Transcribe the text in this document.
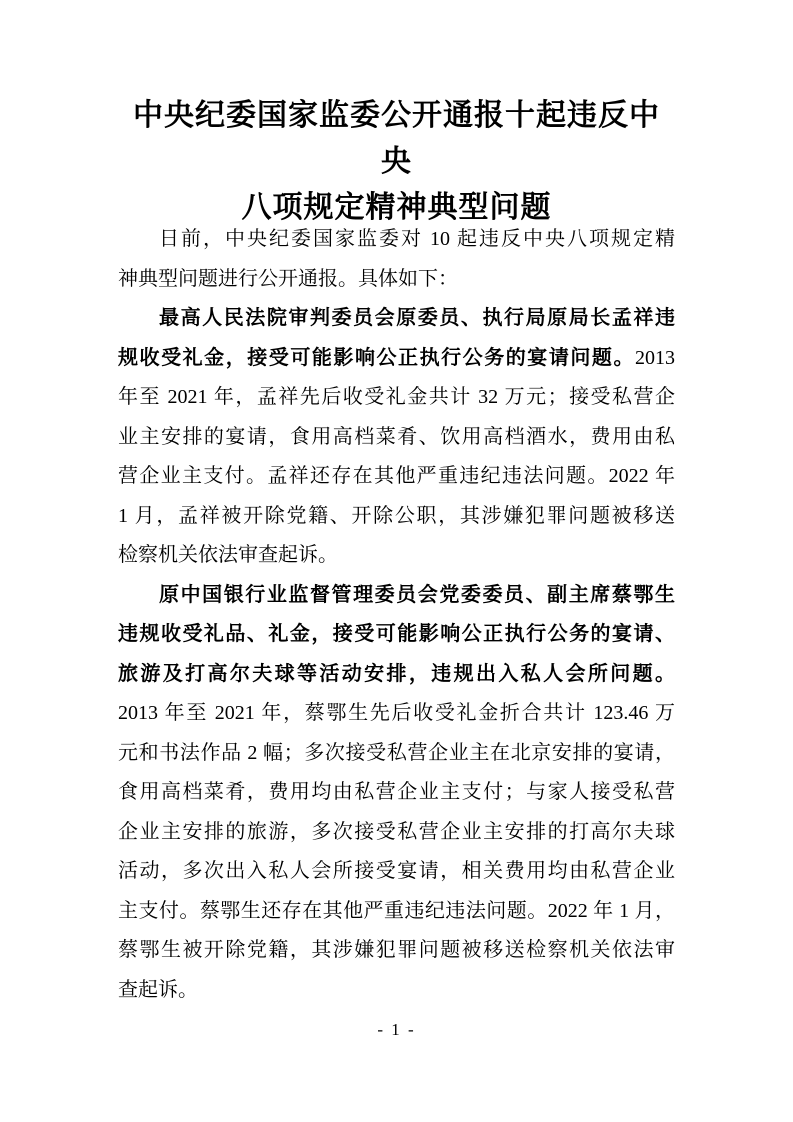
中央纪委国家监委公开通报十起违反中央
八项规定精神典型问题
日前，中央纪委国家监委对 10 起违反中央八项规定精
神典型问题进行公开通报。具体如下：
最高人民法院审判委员会原委员、执行局原局长孟祥违
规收受礼金，接受可能影响公正执行公务的宴请问题。2013
年至 2021 年，孟祥先后收受礼金共计 32 万元；接受私营企
业主安排的宴请，食用高档菜肴、饮用高档酒水，费用由私
营企业主支付。孟祥还存在其他严重违纪违法问题。2022 年
1 月，孟祥被开除党籍、开除公职，其涉嫌犯罪问题被移送
检察机关依法审查起诉。
原中国银行业监督管理委员会党委委员、副主席蔡鄂生
违规收受礼品、礼金，接受可能影响公正执行公务的宴请、
旅游及打高尔夫球等活动安排，违规出入私人会所问题。
2013 年至 2021 年，蔡鄂生先后收受礼金折合共计 123.46 万
元和书法作品 2 幅；多次接受私营企业主在北京安排的宴请，
食用高档菜肴，费用均由私营企业主支付；与家人接受私营
企业主安排的旅游，多次接受私营企业主安排的打高尔夫球
活动，多次出入私人会所接受宴请，相关费用均由私营企业
主支付。蔡鄂生还存在其他严重违纪违法问题。2022 年 1 月，
蔡鄂生被开除党籍，其涉嫌犯罪问题被移送检察机关依法审
查起诉。
- 1 -
